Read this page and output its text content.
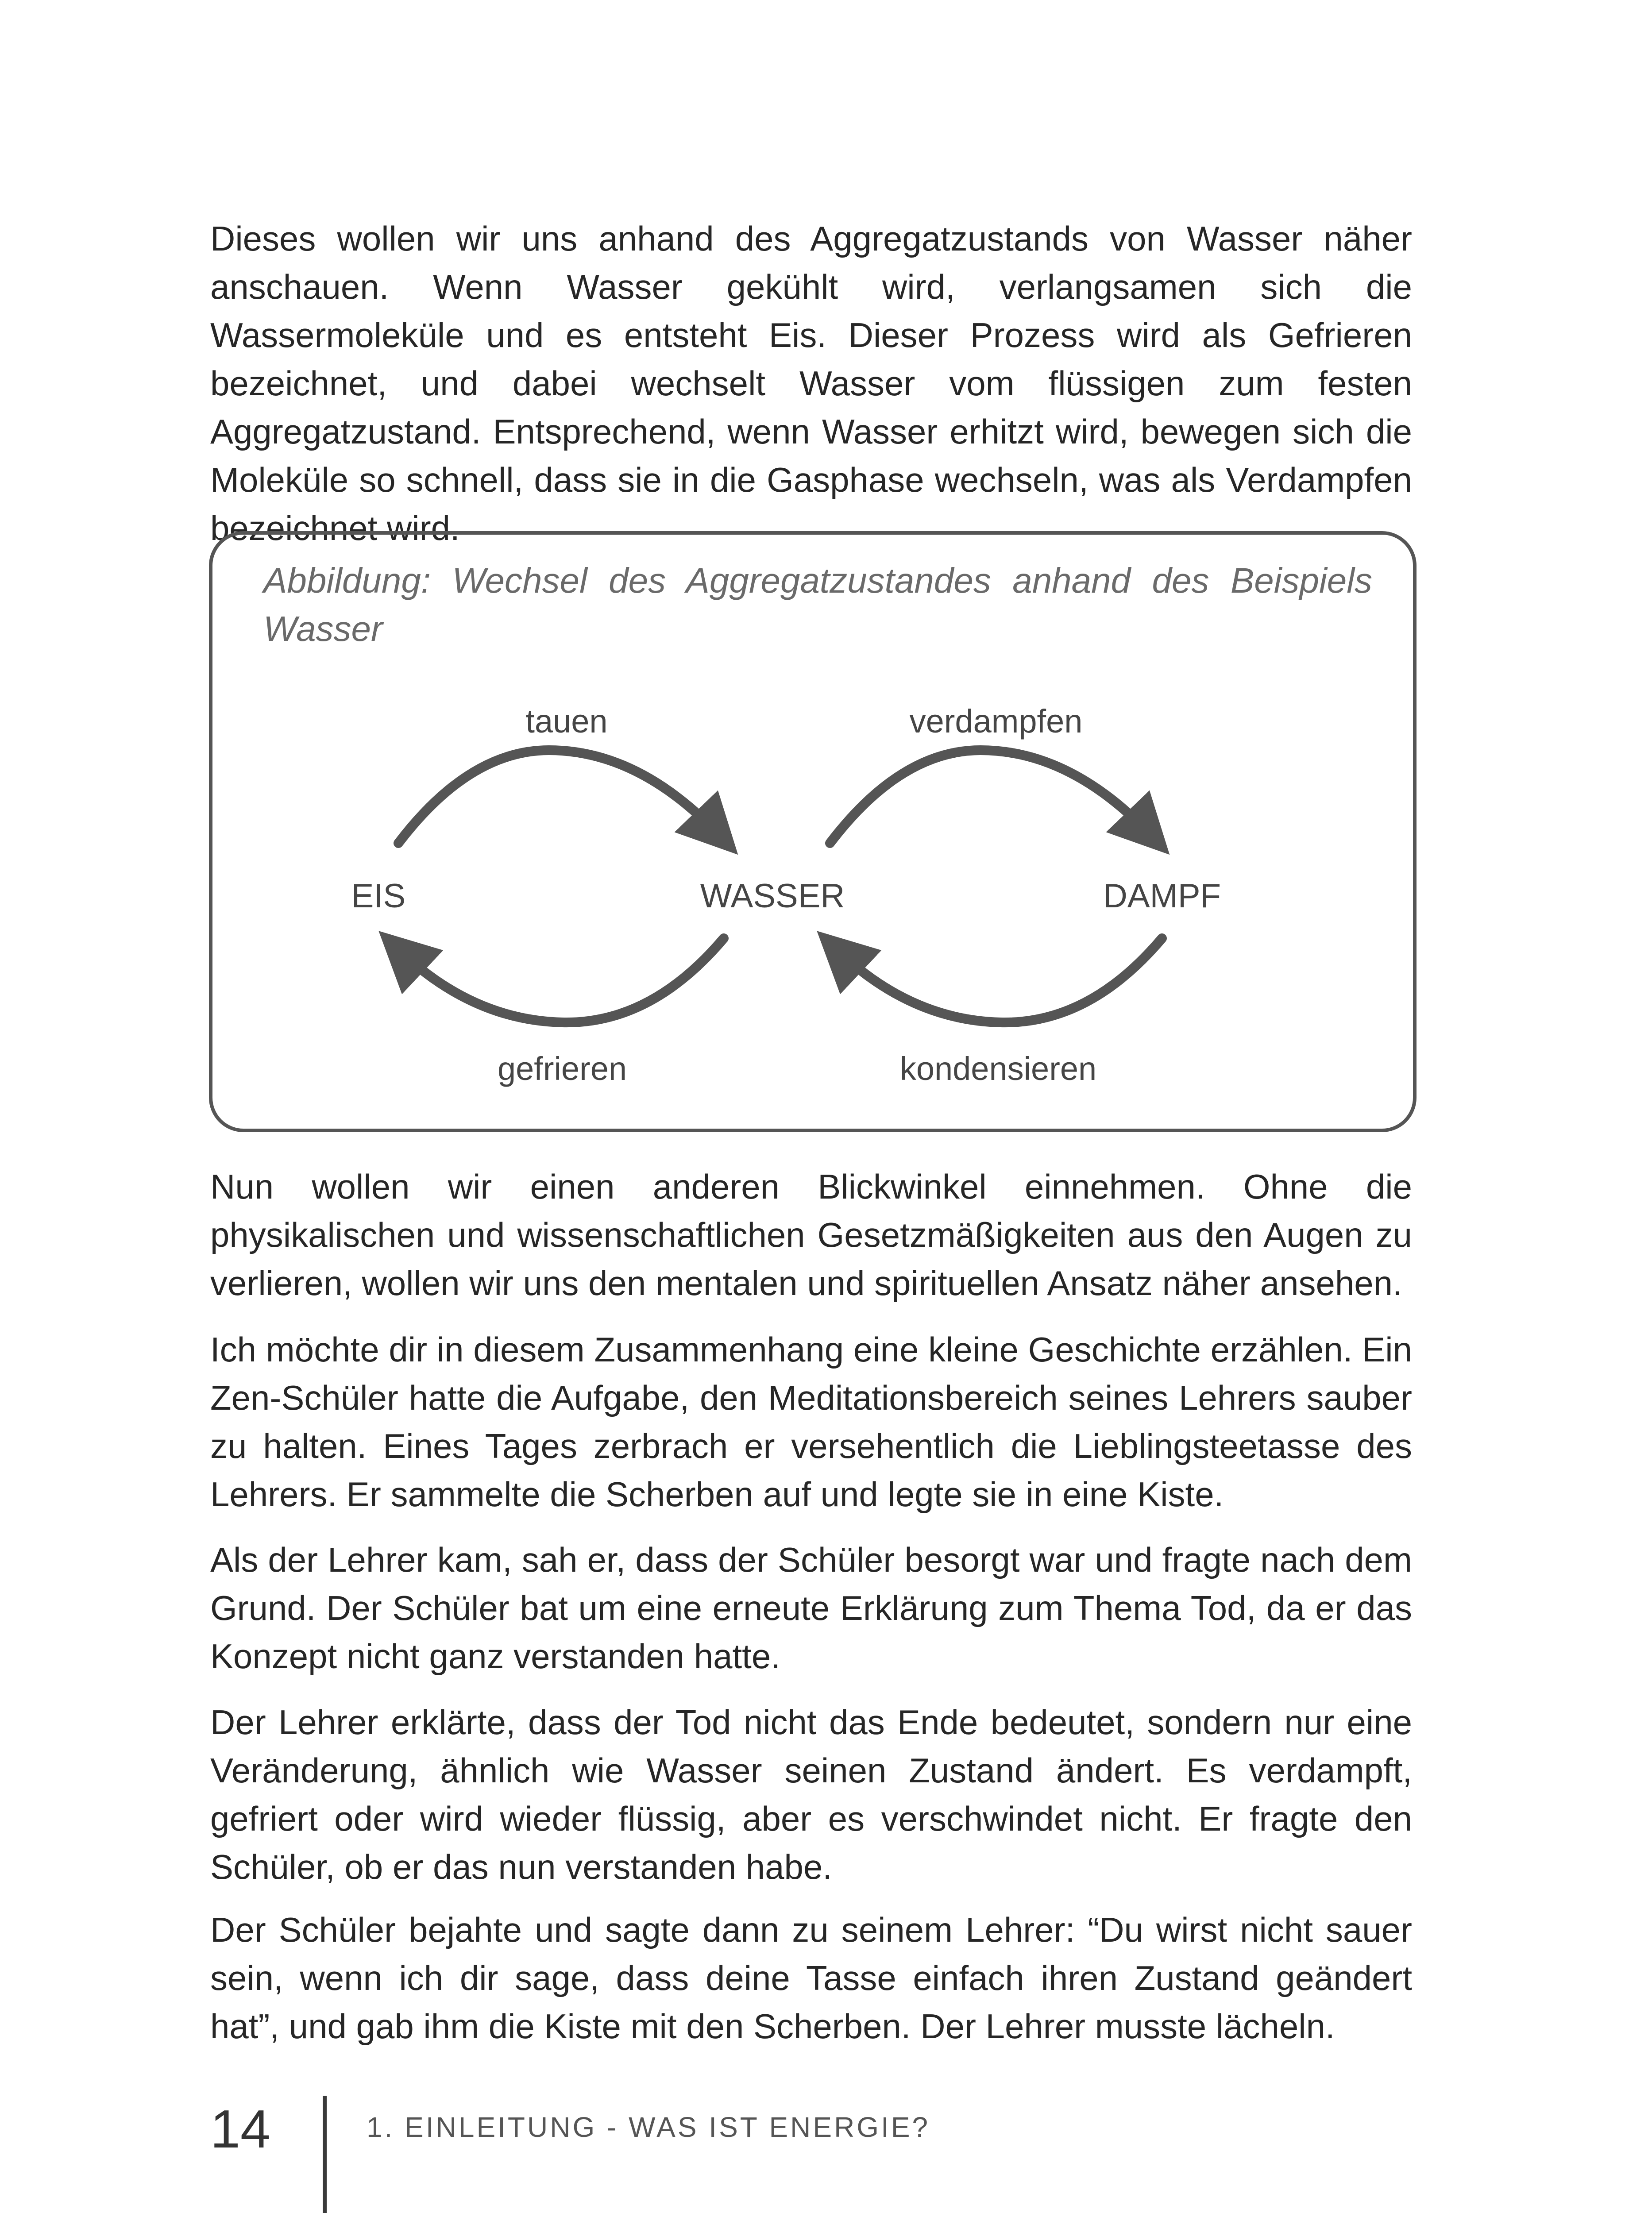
Dieses wollen wir uns anhand des Aggregatzustands von Wasser näher anschauen. Wenn Wasser gekühlt wird, verlangsamen sich die Wassermoleküle und es entsteht Eis. Dieser Prozess wird als Gefrieren bezeichnet, und dabei wechselt Wasser vom flüssigen zum festen Aggregatzustand. Entsprechend, wenn Wasser erhitzt wird, bewegen sich die Moleküle so schnell, dass sie in die Gasphase wechseln, was als Verdampfen bezeichnet wird.

Abbildung: Wechsel des Aggregatzustandes anhand des Beispiels Wasser

tauen	verdampfen
EIS	WASSER	DAMPF
gefrieren	kondensieren

Nun wollen wir einen anderen Blickwinkel einnehmen. Ohne die physikalischen und wissenschaftlichen Gesetzmäßigkeiten aus den Augen zu verlieren, wollen wir uns den mentalen und spirituellen Ansatz näher ansehen.

Ich möchte dir in diesem Zusammenhang eine kleine Geschichte erzählen. Ein Zen-Schüler hatte die Aufgabe, den Meditationsbereich seines Lehrers sauber zu halten. Eines Tages zerbrach er versehentlich die Lieblingsteetasse des Lehrers. Er sammelte die Scherben auf und legte sie in eine Kiste.

Als der Lehrer kam, sah er, dass der Schüler besorgt war und fragte nach dem Grund. Der Schüler bat um eine erneute Erklärung zum Thema Tod, da er das Konzept nicht ganz verstanden hatte.

Der Lehrer erklärte, dass der Tod nicht das Ende bedeutet, sondern nur eine Veränderung, ähnlich wie Wasser seinen Zustand ändert. Es verdampft, gefriert oder wird wieder flüssig, aber es verschwindet nicht. Er fragte den Schüler, ob er das nun verstanden habe.

Der Schüler bejahte und sagte dann zu seinem Lehrer: “Du wirst nicht sauer sein, wenn ich dir sage, dass deine Tasse einfach ihren Zustand geändert hat”, und gab ihm die Kiste mit den Scherben. Der Lehrer musste lächeln.

14	1. EINLEITUNG - WAS IST ENERGIE?
